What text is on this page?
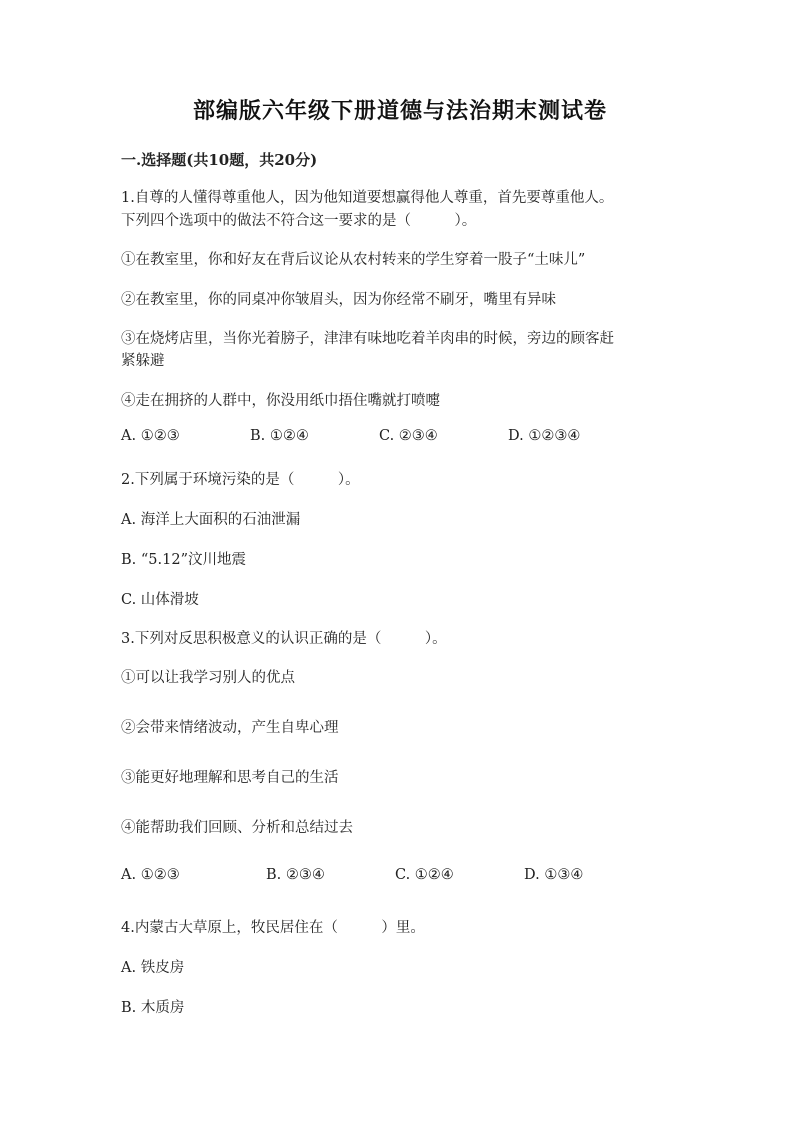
部编版六年级下册道德与法治期末测试卷
一.选择题(共10题，共20分)
1.自尊的人懂得尊重他人，因为他知道要想赢得他人尊重，首先要尊重他人。
下列四个选项中的做法不符合这一要求的是（　　　）。
①在教室里，你和好友在背后议论从农村转来的学生穿着一股子“土味儿”
②在教室里，你的同桌冲你皱眉头，因为你经常不刷牙，嘴里有异味
③在烧烤店里，当你光着膀子，津津有味地吃着羊肉串的时候，旁边的顾客赶
紧躲避
④走在拥挤的人群中，你没用纸巾捂住嘴就打喷嚏
A. ①②③	B. ①②④	C. ②③④	D. ①②③④
2.下列属于环境污染的是（　　　）。
A. 海洋上大面积的石油泄漏
B. “5.12”汶川地震
C. 山体滑坡
3.下列对反思积极意义的认识正确的是（　　　）。
①可以让我学习别人的优点
②会带来情绪波动，产生自卑心理
③能更好地理解和思考自己的生活
④能帮助我们回顾、分析和总结过去
A. ①②③	B. ②③④	C. ①②④	D. ①③④
4.内蒙古大草原上，牧民居住在（　　　）里。
A. 铁皮房
B. 木质房
